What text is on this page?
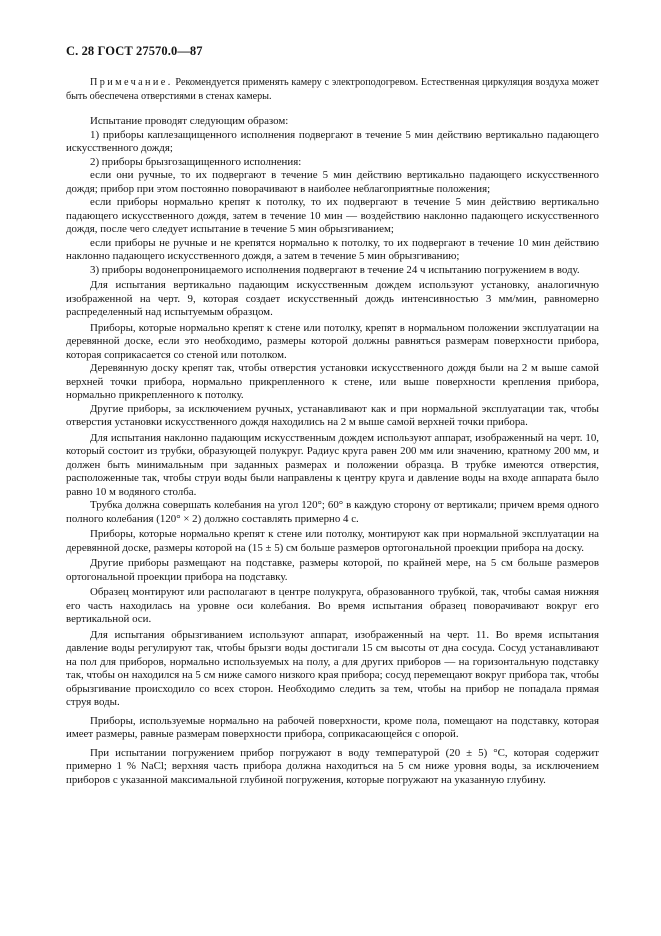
С. 28 ГОСТ 27570.0—87

Примечание. Рекомендуется применять камеру с электроподогревом. Естественная циркуляция воздуха может быть обеспечена отверстиями в стенах камеры.

Испытание проводят следующим образом:

1) приборы каплезащищенного исполнения подвергают в течение 5 мин действию вертикально падающего искусственного дождя;

2) приборы брызгозащищенного исполнения:

если они ручные, то их подвергают в течение 5 мин действию вертикально падающего искусственного дождя; прибор при этом постоянно поворачивают в наиболее неблагоприятные положения;

если приборы нормально крепят к потолку, то их подвергают в течение 5 мин действию вертикально падающего искусственного дождя, затем в течение 10 мин — воздействию наклонно падающего искусственного дождя, после чего следует испытание в течение 5 мин обрызгиванием;

если приборы не ручные и не крепятся нормально к потолку, то их подвергают в течение 10 мин действию наклонно падающего искусственного дождя, а затем в течение 5 мин обрызгиванию;

3) приборы водонепроницаемого исполнения подвергают в течение 24 ч испытанию погружением в воду.

Для испытания вертикально падающим искусственным дождем используют установку, аналогичную изображенной на черт. 9, которая создает искусственный дождь интенсивностью 3 мм/мин, равномерно распределенный над испытуемым образцом.

Приборы, которые нормально крепят к стене или потолку, крепят в нормальном положении эксплуатации на деревянной доске, если это необходимо, размеры которой должны равняться размерам поверхности прибора, которая соприкасается со стеной или потолком.

Деревянную доску крепят так, чтобы отверстия установки искусственного дождя были на 2 м выше самой верхней точки прибора, нормально прикрепленного к стене, или выше поверхности крепления прибора, нормально прикрепленного к потолку.

Другие приборы, за исключением ручных, устанавливают как и при нормальной эксплуатации так, чтобы отверстия установки искусственного дождя находились на 2 м выше самой верхней точки прибора.

Для испытания наклонно падающим искусственным дождем используют аппарат, изображенный на черт. 10, который состоит из трубки, образующей полукруг. Радиус круга равен 200 мм или значению, кратному 200 мм, и должен быть минимальным при заданных размерах и положении образца. В трубке имеются отверстия, расположенные так, чтобы струи воды были направлены к центру круга и давление воды на входе аппарата было равно 10 м водяного столба.

Трубка должна совершать колебания на угол 120°; 60° в каждую сторону от вертикали; причем время одного полного колебания (120° × 2) должно составлять примерно 4 с.

Приборы, которые нормально крепят к стене или потолку, монтируют как при нормальной эксплуатации на деревянной доске, размеры которой на (15 ± 5) см больше размеров ортогональной проекции прибора на доску.

Другие приборы размещают на подставке, размеры которой, по крайней мере, на 5 см больше размеров ортогональной проекции прибора на подставку.

Образец монтируют или располагают в центре полукруга, образованного трубкой, так, чтобы самая нижняя его часть находилась на уровне оси колебания. Во время испытания образец поворачивают вокруг его вертикальной оси.

Для испытания обрызгиванием используют аппарат, изображенный на черт. 11. Во время испытания давление воды регулируют так, чтобы брызги воды достигали 15 см высоты от дна сосуда. Сосуд устанавливают на пол для приборов, нормально используемых на полу, а для других приборов — на горизонтальную подставку так, чтобы он находился на 5 см ниже самого низкого края прибора; сосуд перемещают вокруг прибора так, чтобы обрызгивание происходило со всех сторон. Необходимо следить за тем, чтобы на прибор не попадала прямая струя воды.

Приборы, используемые нормально на рабочей поверхности, кроме пола, помещают на подставку, которая имеет размеры, равные размерам поверхности прибора, соприкасающейся с опорой.

При испытании погружением прибор погружают в воду температурой (20 ± 5) °С, которая содержит примерно 1 % NaCl; верхняя часть прибора должна находиться на 5 см ниже уровня воды, за исключением приборов с указанной максимальной глубиной погружения, которые погружают на указанную глубину.
